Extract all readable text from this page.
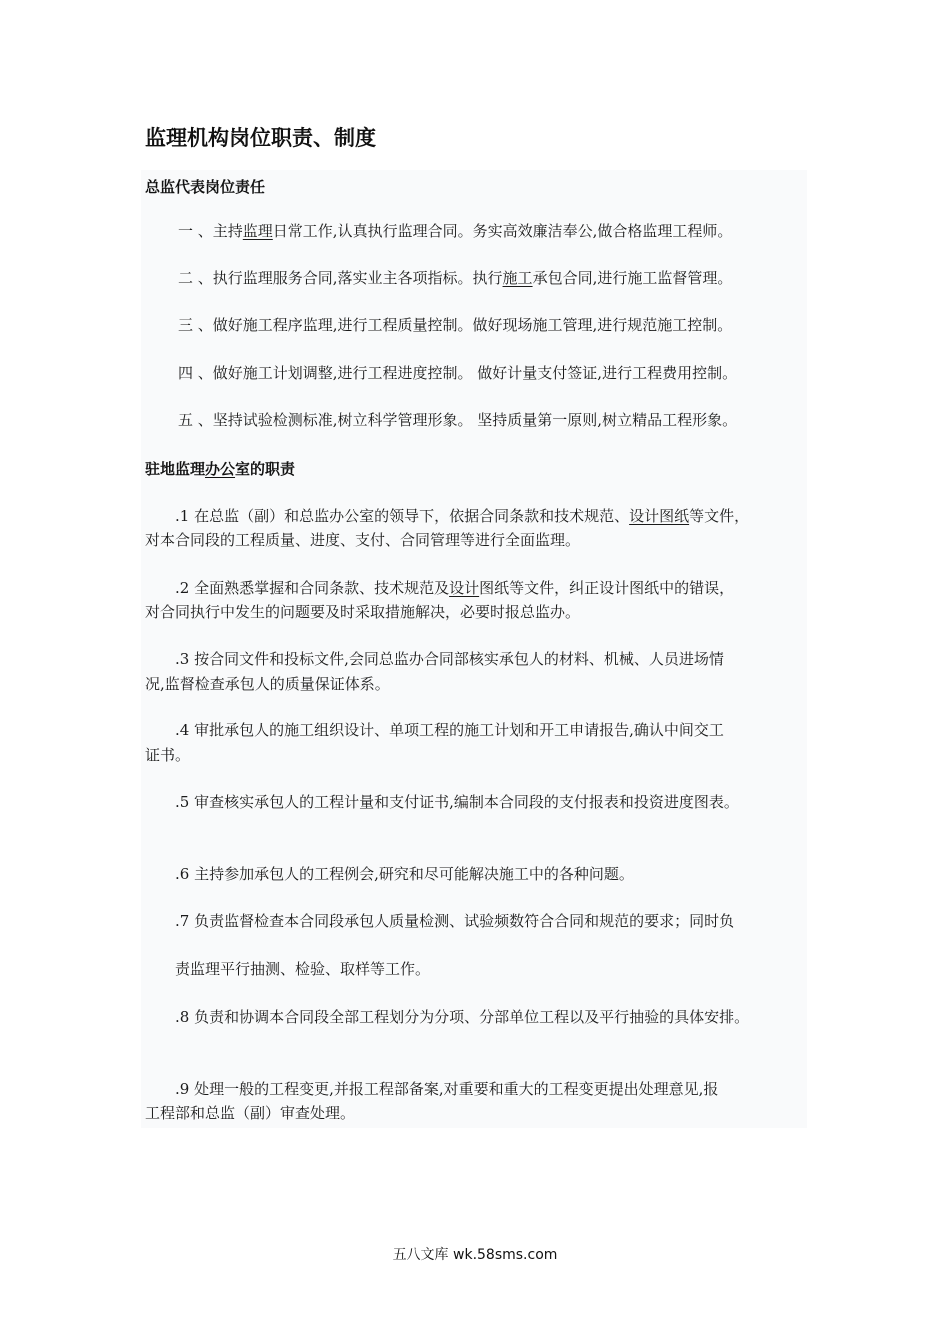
监理机构岗位职责、制度
总监代表岗位责任
一 、主持监理日常工作,认真执行监理合同。务实高效廉洁奉公,做合格监理工程师。
二 、执行监理服务合同,落实业主各项指标。执行施工承包合同,进行施工监督管理。
三 、做好施工程序监理,进行工程质量控制。做好现场施工管理,进行规范施工控制。
四 、做好施工计划调整,进行工程进度控制。 做好计量支付签证,进行工程费用控制。
五 、坚持试验检测标准,树立科学管理形象。 坚持质量第一原则,树立精品工程形象。
驻地监理办公室的职责
.1 在总监（副）和总监办公室的领导下，依据合同条款和技术规范、设计图纸等文件，
对本合同段的工程质量、进度、支付、合同管理等进行全面监理。
.2 全面熟悉掌握和合同条款、技术规范及设计图纸等文件，纠正设计图纸中的错误，
对合同执行中发生的问题要及时采取措施解决，必要时报总监办。
.3 按合同文件和投标文件,会同总监办合同部核实承包人的材料、机械、人员进场情
况,监督检查承包人的质量保证体系。
.4 审批承包人的施工组织设计、单项工程的施工计划和开工申请报告,确认中间交工
证书。
.5 审查核实承包人的工程计量和支付证书,编制本合同段的支付报表和投资进度图表。
.6 主持参加承包人的工程例会,研究和尽可能解决施工中的各种问题。
.7 负责监督检查本合同段承包人质量检测、试验频数符合合同和规范的要求；同时负
责监理平行抽测、检验、取样等工作。
.8 负责和协调本合同段全部工程划分为分项、分部单位工程以及平行抽验的具体安排。
.9 处理一般的工程变更,并报工程部备案,对重要和重大的工程变更提出处理意见,报
工程部和总监（副）审查处理。
五八文库 wk.58sms.com
